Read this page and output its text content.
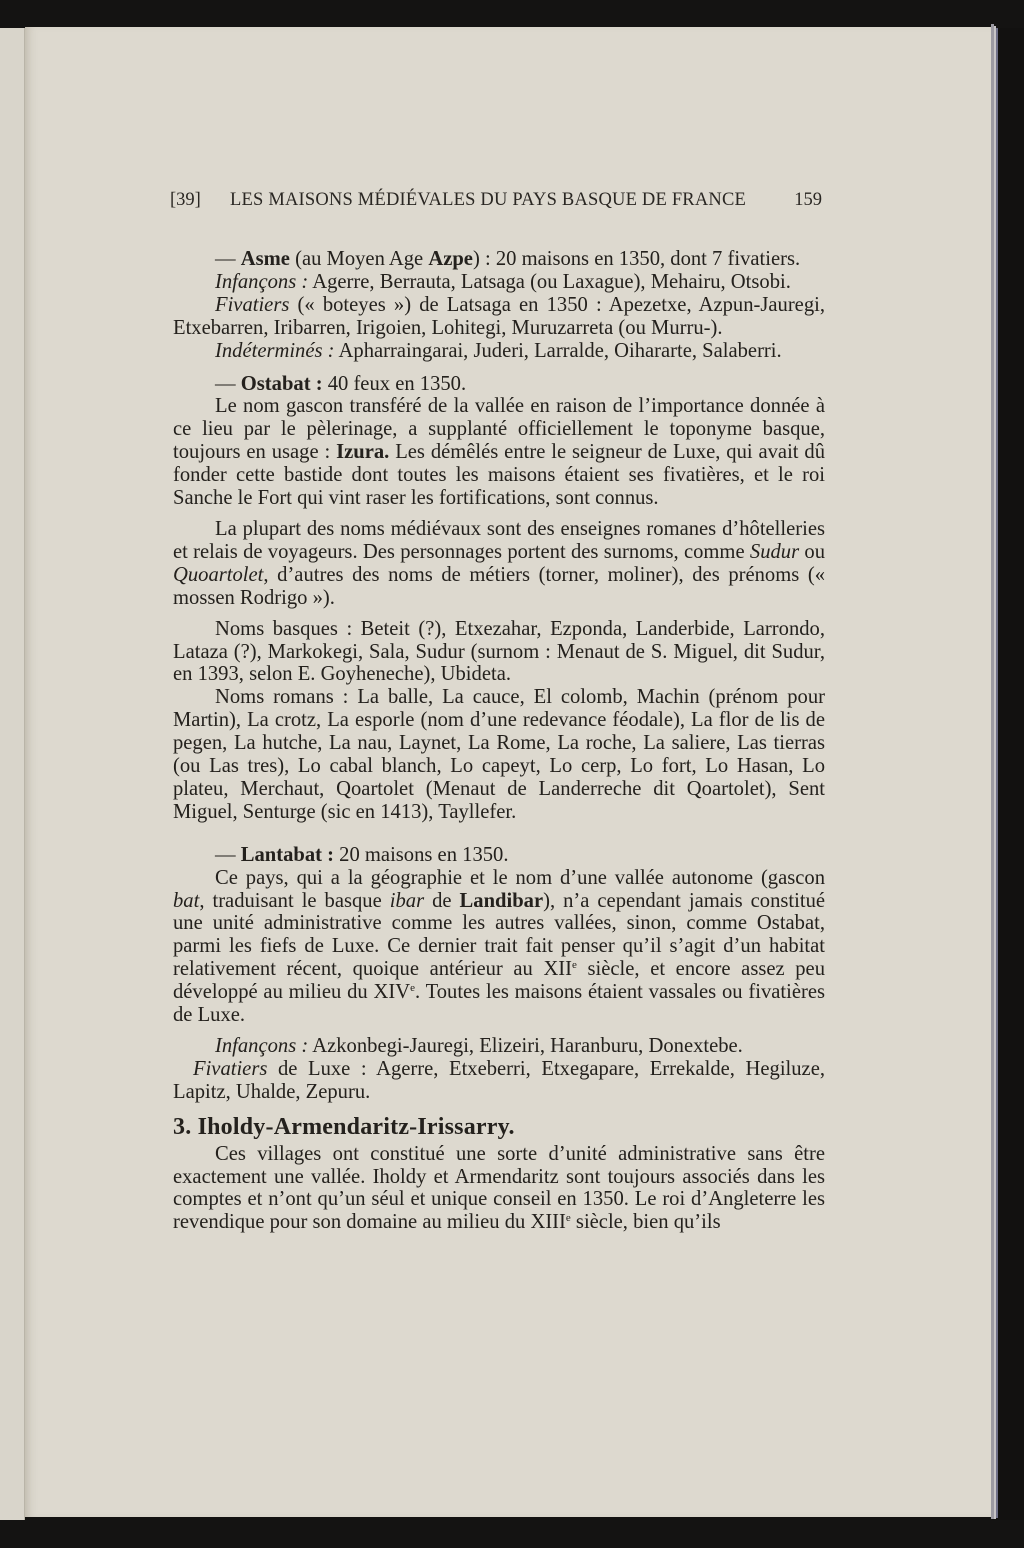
[39] LES MAISONS MÉDIÉVALES DU PAYS BASQUE DE FRANCE	159

— Asme (au Moyen Age Azpe) : 20 maisons en 1350, dont 7 fivatiers.

Infançons : Agerre, Berrauta, Latsaga (ou Laxague), Mehairu, Otsobi.

Fivatiers (« boteyes ») de Latsaga en 1350 : Apezetxe, Azpun-Jauregi, Etxebarren, Iribarren, Irigoien, Lohitegi, Muruzarreta (ou Murru-).

Indéterminés : Apharraingarai, Juderi, Larralde, Oihararte, Salaberri.

— Ostabat : 40 feux en 1350.

Le nom gascon transféré de la vallée en raison de l’importance donnée à ce lieu par le pèlerinage, a supplanté officiellement le toponyme basque, toujours en usage : Izura. Les démêlés entre le seigneur de Luxe, qui avait dû fonder cette bastide dont toutes les maisons étaient ses fivatières, et le roi Sanche le Fort qui vint raser les fortifications, sont connus.

La plupart des noms médiévaux sont des enseignes romanes d’hôtelleries et relais de voyageurs. Des personnages portent des surnoms, comme Sudur ou Quoartolet, d’autres des noms de métiers (torner, moliner), des prénoms (« mossen Rodrigo »).

Noms basques : Beteit (?), Etxezahar, Ezponda, Landerbide, Larrondo, Lataza (?), Markokegi, Sala, Sudur (surnom : Menaut de S. Miguel, dit Sudur, en 1393, selon E. Goyheneche), Ubideta.

Noms romans : La balle, La cauce, El colomb, Machin (prénom pour Martin), La crotz, La esporle (nom d’une redevance féodale), La flor de lis de pegen, La hutche, La nau, Laynet, La Rome, La roche, La saliere, Las tierras (ou Las tres), Lo cabal blanch, Lo capeyt, Lo cerp, Lo fort, Lo Hasan, Lo plateu, Merchaut, Qoartolet (Menaut de Landerreche dit Qoartolet), Sent Miguel, Senturge (sic en 1413), Tayllefer.

— Lantabat : 20 maisons en 1350.

Ce pays, qui a la géographie et le nom d’une vallée autonome (gascon bat, traduisant le basque ibar de Landibar), n’a cependant jamais constitué une unité administrative comme les autres vallées, sinon, comme Ostabat, parmi les fiefs de Luxe. Ce dernier trait fait penser qu’il s’agit d’un habitat relativement récent, quoique antérieur au XIIe siècle, et encore assez peu développé au milieu du XIVe. Toutes les maisons étaient vassales ou fivatières de Luxe.

Infançons : Azkonbegi-Jauregi, Elizeiri, Haranburu, Donextebe.

Fivatiers de Luxe : Agerre, Etxeberri, Etxegapare, Errekalde, Hegiluze, Lapitz, Uhalde, Zepuru.

3. Iholdy-Armendaritz-Irissarry.

Ces villages ont constitué une sorte d’unité administrative sans être exactement une vallée. Iholdy et Armendaritz sont toujours associés dans les comptes et n’ont qu’un séul et unique conseil en 1350. Le roi d’Angleterre les revendique pour son domaine au milieu du XIIIe siècle, bien qu’ils
